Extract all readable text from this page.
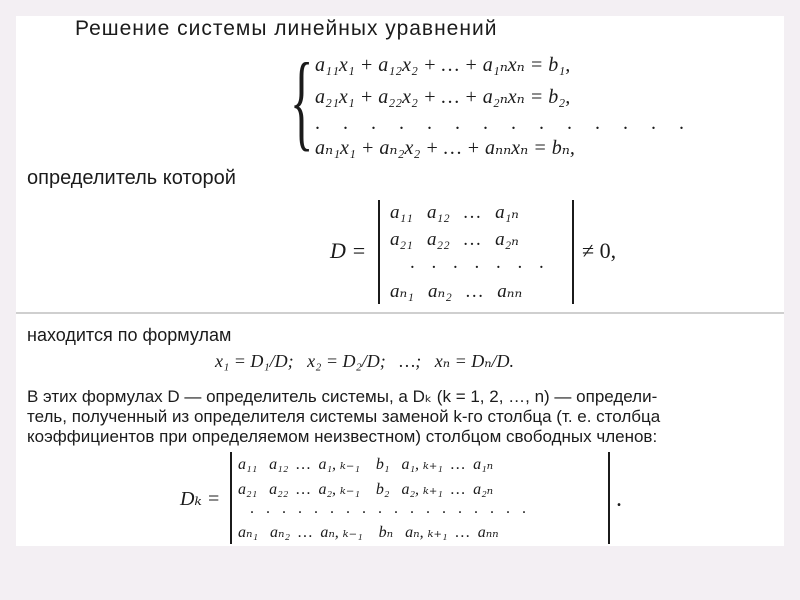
Решение системы линейных уравнений
{ a₁₁x₁ + a₁₂x₂ + … + a₁ₙxₙ = b₁,
a₂₁x₁ + a₂₂x₂ + … + a₂ₙxₙ = b₂,
. . . . . . . . . . . . . .
aₙ₁x₁ + aₙ₂x₂ + … + aₙₙxₙ = bₙ,
определитель которой
D =
a₁₁   a₁₂   …   a₁ₙ
a₂₁   a₂₂   …   a₂ₙ
. . . . . . .
aₙ₁   aₙ₂   …   aₙₙ
≠ 0,
находится по формулам
x₁ = D₁/D;   x₂ = D₂/D;   …;   xₙ = Dₙ/D.
В этих формулах D — определитель системы, а Dₖ (k = 1, 2, …, n) — определи-
тель, полученный из определителя системы заменой k-го столбца (т. е. столбца
коэффициентов при определяемом неизвестном) столбцом свободных членов:
Dₖ =
a₁₁   a₁₂  …  a₁, ₖ₋₁    b₁   a₁, ₖ₊₁  …  a₁ₙ
a₂₁   a₂₂  …  a₂, ₖ₋₁    b₂   a₂, ₖ₊₁  …  a₂ₙ
. . . . . . . . . . . . . . . . . .
aₙ₁   aₙ₂  …  aₙ, ₖ₋₁    bₙ   aₙ, ₖ₊₁  …  aₙₙ
.
